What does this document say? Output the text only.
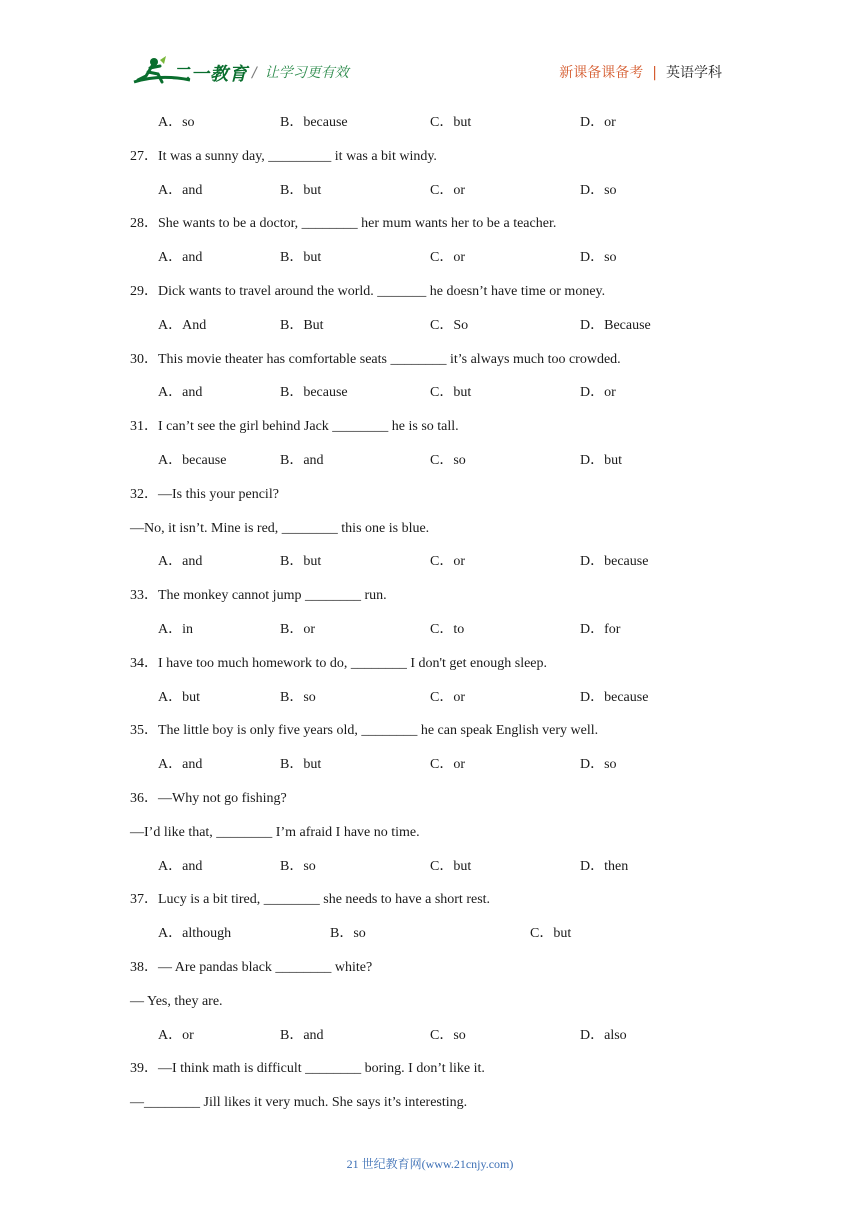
二一教育 / 让学习更有效	新课备课备考 | 英语学科
A．so	B．because	C．but	D．or
27．It was a sunny day, _________ it was a bit windy.
A．and	B．but	C．or	D．so
28．She wants to be a doctor, ________ her mum wants her to be a teacher.
A．and	B．but	C．or	D．so
29．Dick wants to travel around the world. _______ he doesn’t have time or money.
A．And	B．But	C．So	D．Because
30．This movie theater has comfortable seats ________ it’s always much too crowded.
A．and	B．because	C．but	D．or
31．I can’t see the girl behind Jack ________ he is so tall.
A．because	B．and	C．so	D．but
32．—Is this your pencil?
—No, it isn’t. Mine is red, ________ this one is blue.
A．and	B．but	C．or	D．because
33．The monkey cannot jump ________ run.
A．in	B．or	C．to	D．for
34．I have too much homework to do, ________ I don't get enough sleep.
A．but	B．so	C．or	D．because
35．The little boy is only five years old, ________ he can speak English very well.
A．and	B．but	C．or	D．so
36．—Why not go fishing?
—I’d like that, ________ I’m afraid I have no time.
A．and	B．so	C．but	D．then
37．Lucy is a bit tired, ________ she needs to have a short rest.
A．although	B．so	C．but
38．— Are pandas black ________ white?
— Yes, they are.
A．or	B．and	C．so	D．also
39．—I think math is difficult ________ boring. I don’t like it.
—________ Jill likes it very much. She says it’s interesting.
21 世纪教育网(www.21cnjy.com)
